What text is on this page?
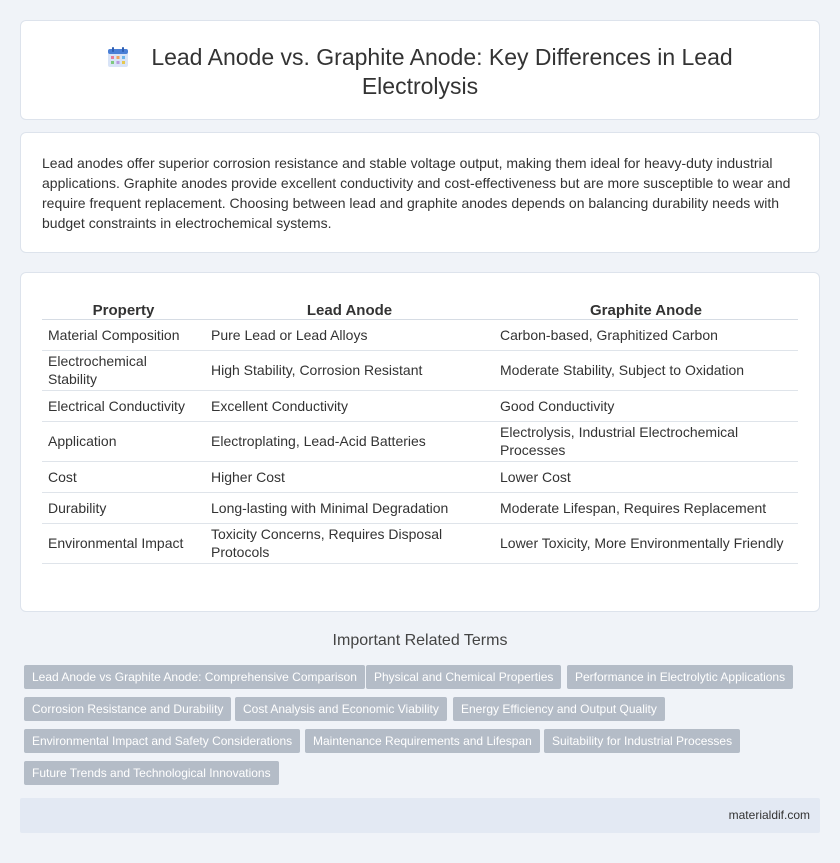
Lead Anode vs. Graphite Anode: Key Differences in Lead Electrolysis

Lead anodes offer superior corrosion resistance and stable voltage output, making them ideal for heavy-duty industrial applications. Graphite anodes provide excellent conductivity and cost-effectiveness but are more susceptible to wear and require frequent replacement. Choosing between lead and graphite anodes depends on balancing durability needs with budget constraints in electrochemical systems.

Property	Lead Anode	Graphite Anode
Material Composition	Pure Lead or Lead Alloys	Carbon-based, Graphitized Carbon
Electrochemical Stability	High Stability, Corrosion Resistant	Moderate Stability, Subject to Oxidation
Electrical Conductivity	Excellent Conductivity	Good Conductivity
Application	Electroplating, Lead-Acid Batteries	Electrolysis, Industrial Electrochemical Processes
Cost	Higher Cost	Lower Cost
Durability	Long-lasting with Minimal Degradation	Moderate Lifespan, Requires Replacement
Environmental Impact	Toxicity Concerns, Requires Disposal Protocols	Lower Toxicity, More Environmentally Friendly
Important Related Terms
Lead Anode vs Graphite Anode: Comprehensive Comparison	Physical and Chemical Properties	Performance in Electrolytic Applications
Corrosion Resistance and Durability	Cost Analysis and Economic Viability	Energy Efficiency and Output Quality
Environmental Impact and Safety Considerations	Maintenance Requirements and Lifespan	Suitability for Industrial Processes
Future Trends and Technological Innovations
materialdif.com
